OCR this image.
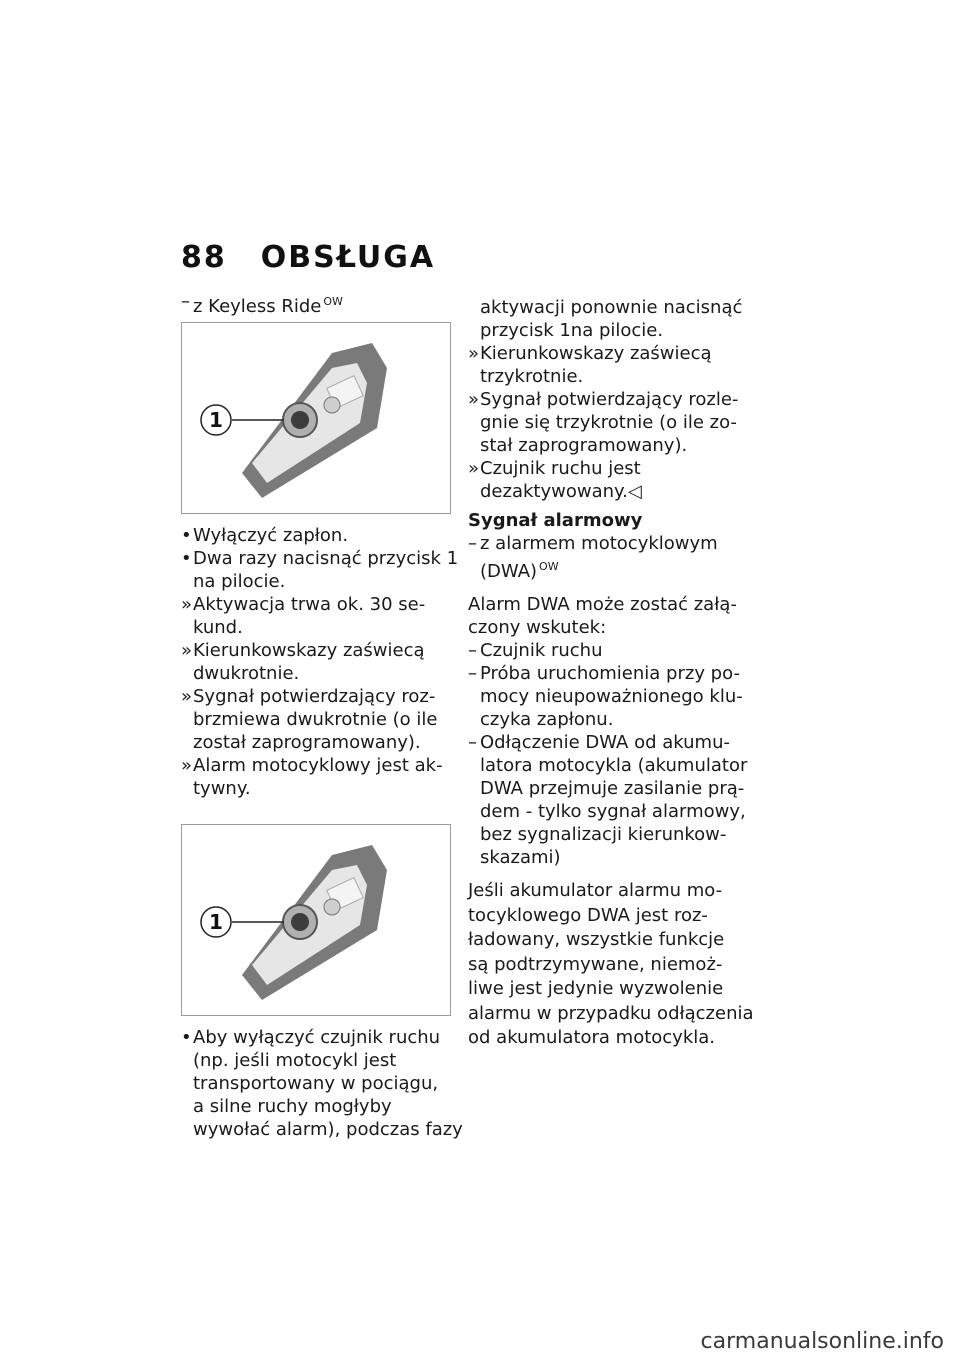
88 OBSŁUGA
– z Keyless Ride $^{OW}$
1
• Wyłączyć zapłon.
• Dwa razy nacisnąć przycisk 1
na pilocie.
» Aktywacja trwa ok. 30 se-
kund.
» Kierunkowskazy zaświecą
dwukrotnie.
» Sygnał potwierdzający roz-
brzmiewa dwukrotnie (o ile
został zaprogramowany).
» Alarm motocyklowy jest ak-
tywny.
1
• Aby wyłączyć czujnik ruchu
(np. jeśli motocykl jest
transportowany w pociągu,
a silne ruchy mogłyby
wywołać alarm), podczas fazy
aktywacji ponownie nacisnąć
przycisk 1na pilocie.
» Kierunkowskazy zaświecą
trzykrotnie.
» Sygnał potwierdzający rozle-
gnie się trzykrotnie (o ile zo-
stał zaprogramowany).
» Czujnik ruchu jest
dezaktywowany.◁
Sygnał alarmowy
– z alarmem motocyklowym
(DWA) $^{OW}$
Alarm DWA może zostać załą-
czony wskutek:
– Czujnik ruchu
– Próba uruchomienia przy po-
mocy nieupoważnionego klu-
czyka zapłonu.
– Odłączenie DWA od akumu-
latora motocykla (akumulator
DWA przejmuje zasilanie prą-
dem - tylko sygnał alarmowy,
bez sygnalizacji kierunkow-
skazami)
Jeśli akumulator alarmu mo-
tocyklowego DWA jest roz-
ładowany, wszystkie funkcje
są podtrzymywane, niemoż-
liwe jest jedynie wyzwolenie
alarmu w przypadku odłączenia
od akumulatora motocykla.
carmanualsonline.info
